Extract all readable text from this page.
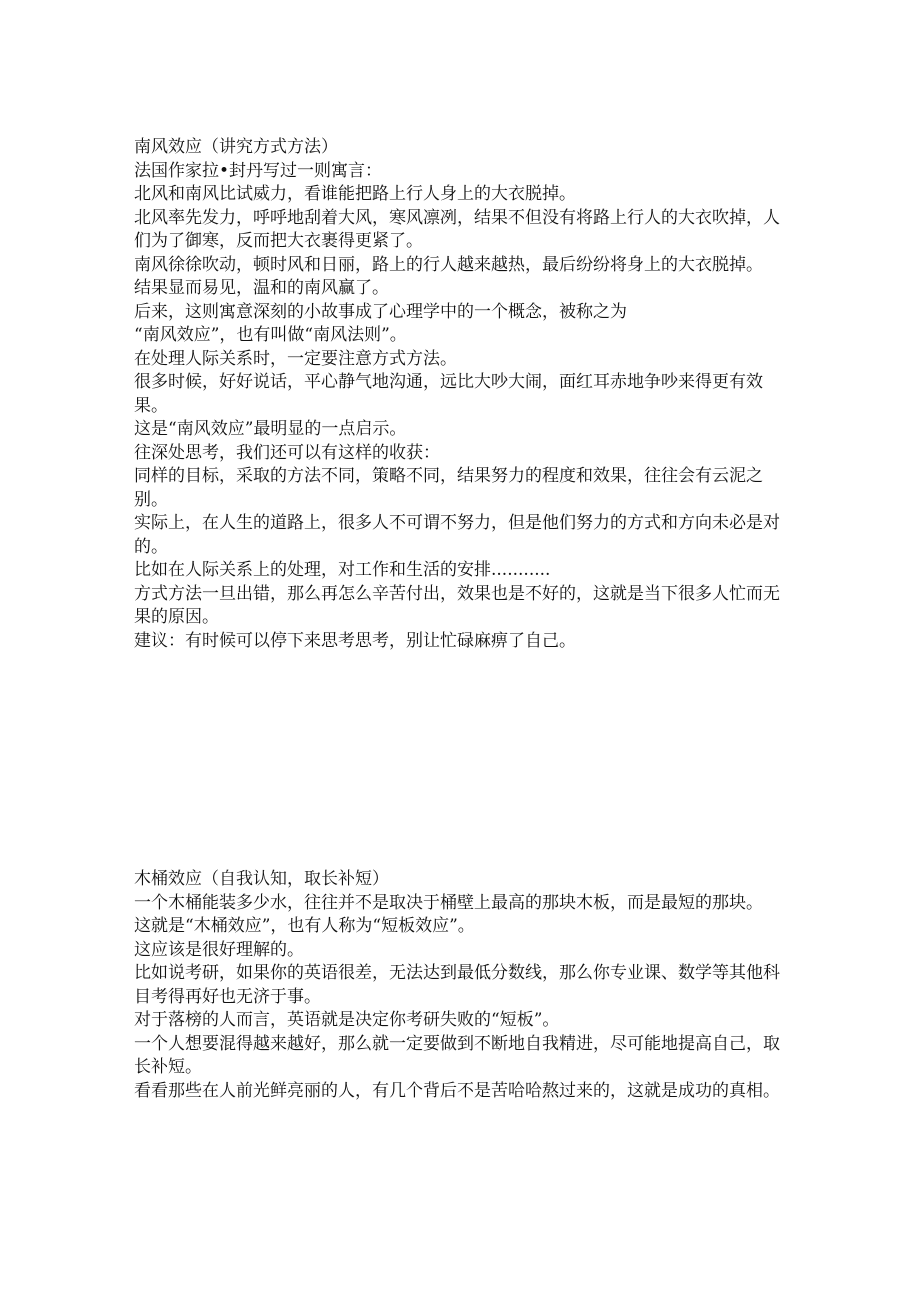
南风效应（讲究方式方法）

法国作家拉•封丹写过一则寓言：

北风和南风比试威力，看谁能把路上行人身上的大衣脱掉。

北风率先发力，呼呼地刮着大风，寒风凛冽，结果不但没有将路上行人的大衣吹掉，人们为了御寒，反而把大衣裹得更紧了。

南风徐徐吹动，顿时风和日丽，路上的行人越来越热，最后纷纷将身上的大衣脱掉。

结果显而易见，温和的南风赢了。

后来，这则寓意深刻的小故事成了心理学中的一个概念，被称之为
“南风效应”，也有叫做“南风法则”。

在处理人际关系时，一定要注意方式方法。

很多时候，好好说话，平心静气地沟通，远比大吵大闹，面红耳赤地争吵来得更有效果。

这是“南风效应”最明显的一点启示。

往深处思考，我们还可以有这样的收获：

同样的目标，采取的方法不同，策略不同，结果努力的程度和效果，往往会有云泥之别。

实际上，在人生的道路上，很多人不可谓不努力，但是他们努力的方式和方向未必是对的。

比如在人际关系上的处理，对工作和生活的安排...........

方式方法一旦出错，那么再怎么辛苦付出，效果也是不好的，这就是当下很多人忙而无果的原因。

建议：有时候可以停下来思考思考，别让忙碌麻痹了自己。

木桶效应（自我认知，取长补短）

一个木桶能装多少水，往往并不是取决于桶壁上最高的那块木板，而是最短的那块。

这就是“木桶效应”，也有人称为“短板效应”。

这应该是很好理解的。

比如说考研，如果你的英语很差，无法达到最低分数线，那么你专业课、数学等其他科目考得再好也无济于事。

对于落榜的人而言，英语就是决定你考研失败的“短板”。

一个人想要混得越来越好，那么就一定要做到不断地自我精进，尽可能地提高自己，取长补短。

看看那些在人前光鲜亮丽的人，有几个背后不是苦哈哈熬过来的，这就是成功的真相。
